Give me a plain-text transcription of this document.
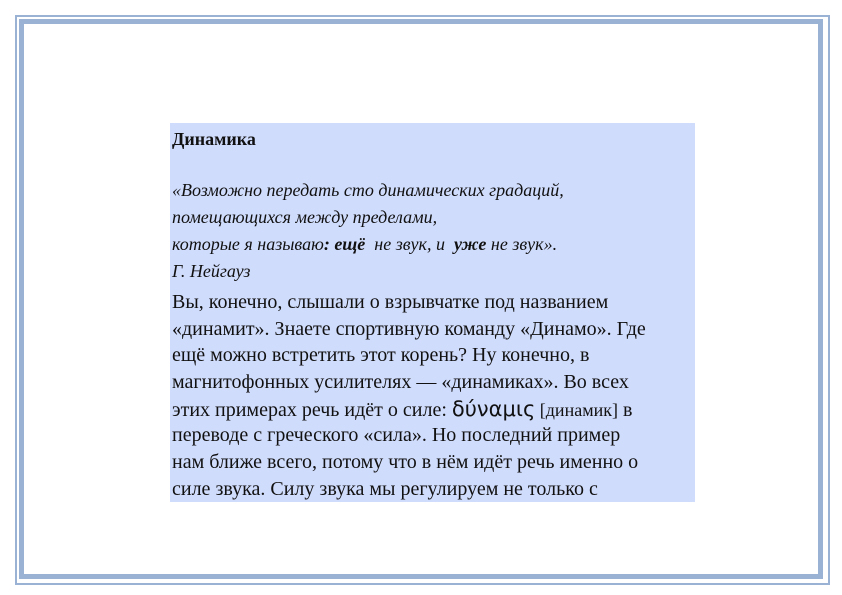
Динамика

«Возможно передать сто динамических градаций,
помещающихся между пределами,
которые я называю: ещё  не звук, и  уже не звук».
Г. Нейгауз

Вы, конечно, слышали о взрывчатке под названием
«динамит». Знаете спортивную команду «Динамо». Где
ещё можно встретить этот корень? Ну конечно, в
магнитофонных усилителях — «динамиках». Во всех
этих примерах речь идёт о силе: δύναμις [динамик] в
переводе с греческого «сила». Но последний пример
нам ближе всего, потому что в нём идёт речь именно о
силе звука. Силу звука мы регулируем не только с
